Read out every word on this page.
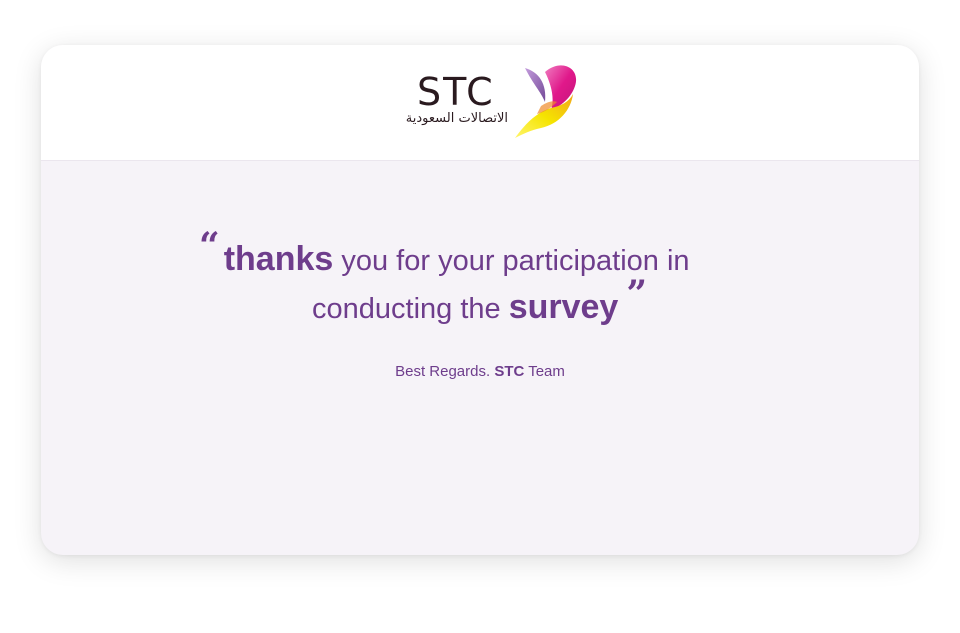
STC
الاتصالات السعودية
“ thanks you for your participation in
conducting the survey ”
Best Regards. STC Team
